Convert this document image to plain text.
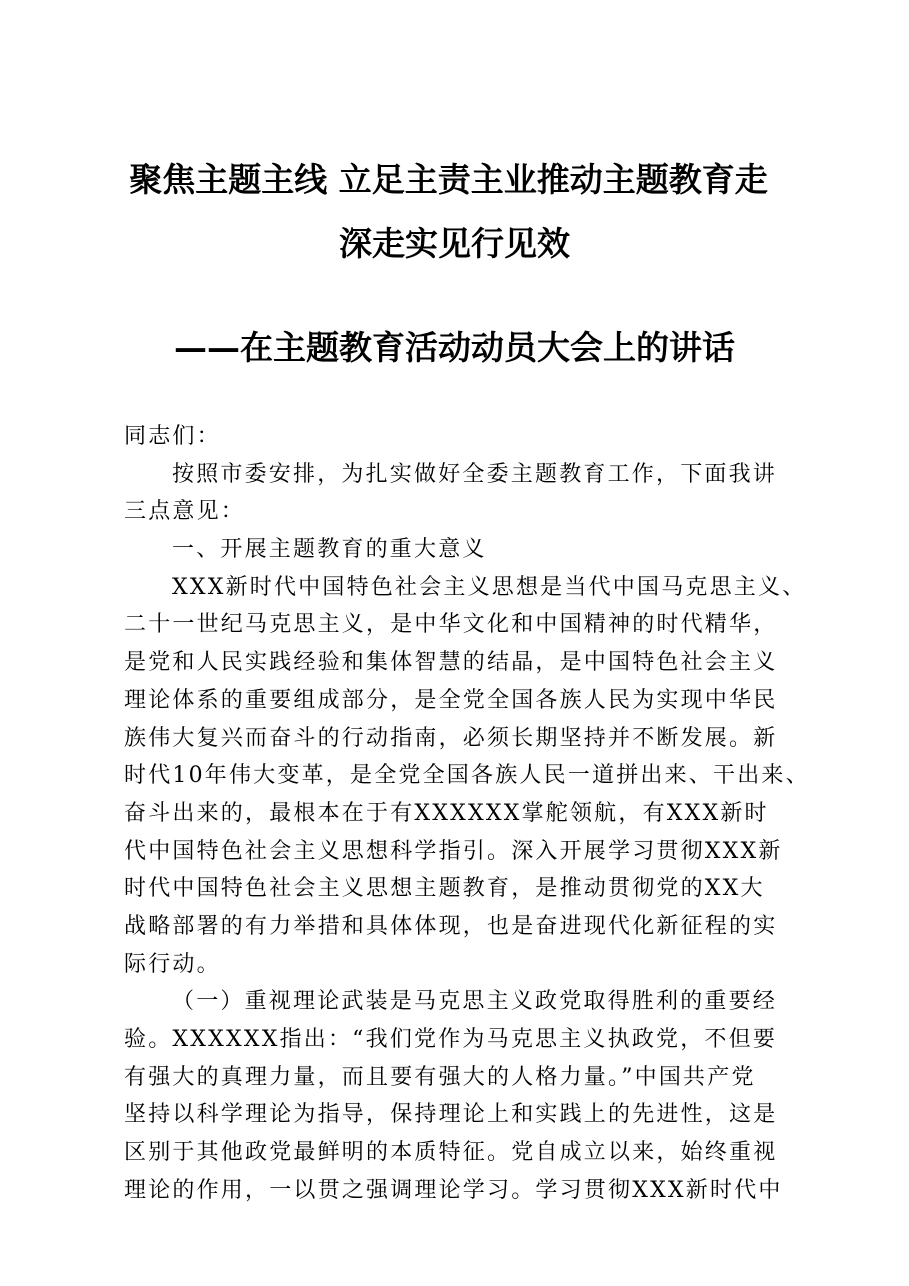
聚焦主题主线 立足主责主业推动主题教育走
深走实见行见效
——在主题教育活动动员大会上的讲话
同志们：
按照市委安排，为扎实做好全委主题教育工作，下面我讲
三点意见：
一、开展主题教育的重大意义
XXX新时代中国特色社会主义思想是当代中国马克思主义、
二十一世纪马克思主义，是中华文化和中国精神的时代精华，
是党和人民实践经验和集体智慧的结晶，是中国特色社会主义
理论体系的重要组成部分，是全党全国各族人民为实现中华民
族伟大复兴而奋斗的行动指南，必须长期坚持并不断发展。新
时代10年伟大变革，是全党全国各族人民一道拼出来、干出来、
奋斗出来的，最根本在于有XXXXXX掌舵领航，有XXX新时
代中国特色社会主义思想科学指引。深入开展学习贯彻XXX新
时代中国特色社会主义思想主题教育，是推动贯彻党的XX大
战略部署的有力举措和具体体现，也是奋进现代化新征程的实
际行动。
（一）重视理论武装是马克思主义政党取得胜利的重要经
验。XXXXXX指出：“我们党作为马克思主义执政党，不但要
有强大的真理力量，而且要有强大的人格力量。”中国共产党
坚持以科学理论为指导，保持理论上和实践上的先进性，这是
区别于其他政党最鲜明的本质特征。党自成立以来，始终重视
理论的作用，一以贯之强调理论学习。学习贯彻XXX新时代中
